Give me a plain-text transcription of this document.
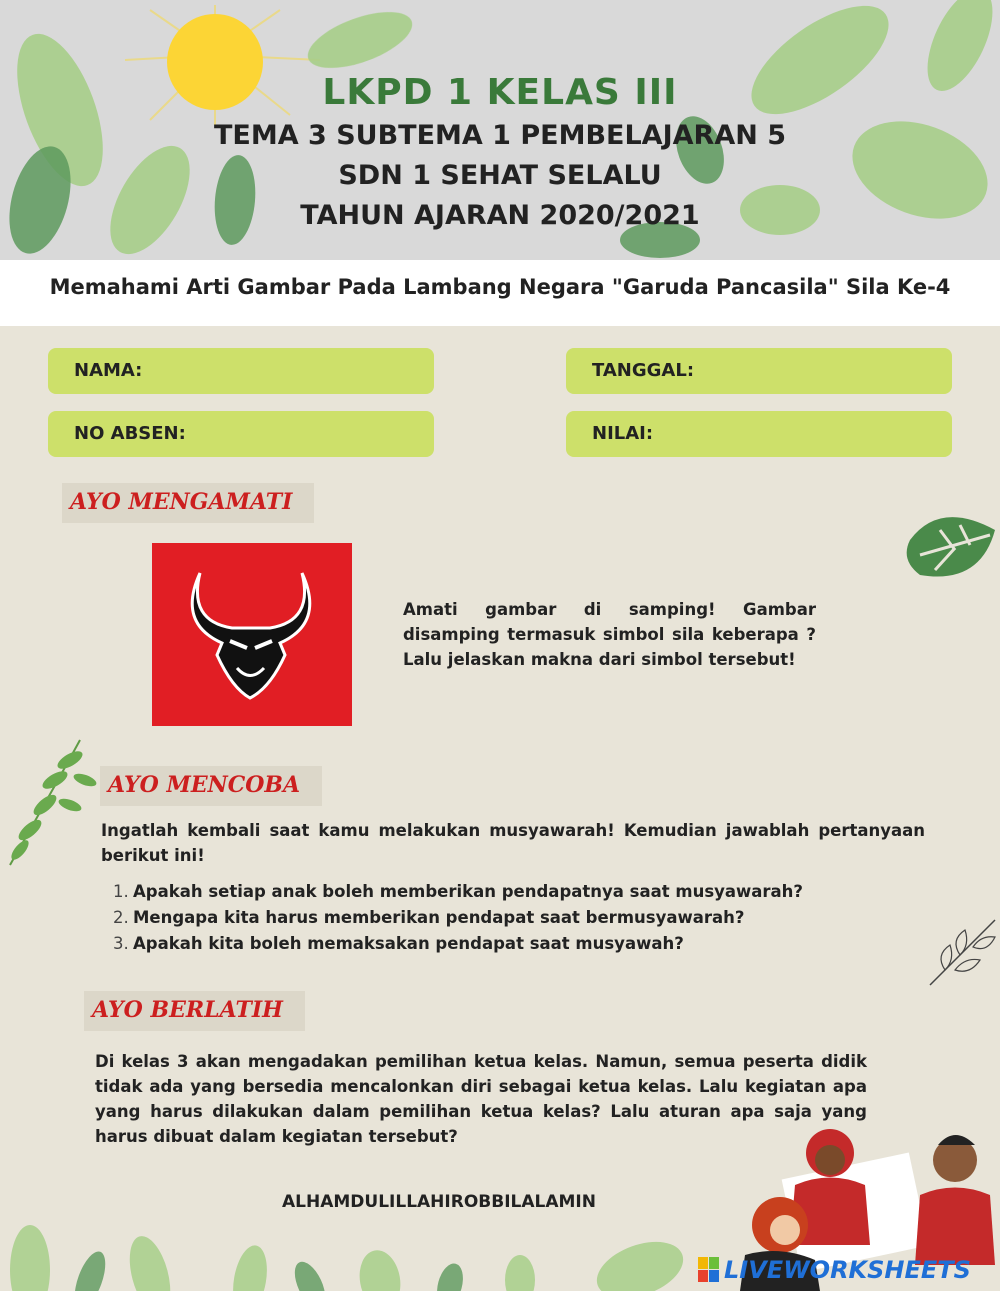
LKPD 1 KELAS III
TEMA 3 SUBTEMA 1 PEMBELAJARAN 5
SDN 1 SEHAT SELALU
TAHUN AJARAN 2020/2021
Memahami Arti Gambar Pada Lambang Negara "Garuda Pancasila" Sila Ke-4
NAMA:	TANGGAL:
NO ABSEN:	NILAI:
AYO MENGAMATI
Amati gambar di samping! Gambar disamping termasuk simbol sila keberapa ? Lalu jelaskan makna dari simbol tersebut!
AYO MENCOBA
Ingatlah kembali saat kamu melakukan musyawarah! Kemudian jawablah pertanyaan berikut ini!
1. Apakah setiap anak boleh memberikan pendapatnya saat musyawarah?
2. Mengapa kita harus memberikan pendapat saat bermusyawarah?
3. Apakah kita boleh memaksakan pendapat saat musyawah?
AYO BERLATIH
Di kelas 3 akan mengadakan pemilihan ketua kelas. Namun, semua peserta didik tidak ada yang bersedia mencalonkan diri sebagai ketua kelas. Lalu kegiatan apa yang harus dilakukan dalam pemilihan ketua kelas? Lalu aturan apa saja yang harus dibuat dalam kegiatan tersebut?
ALHAMDULILLAHIROBBILALAMIN
LIVEWORKSHEETS
